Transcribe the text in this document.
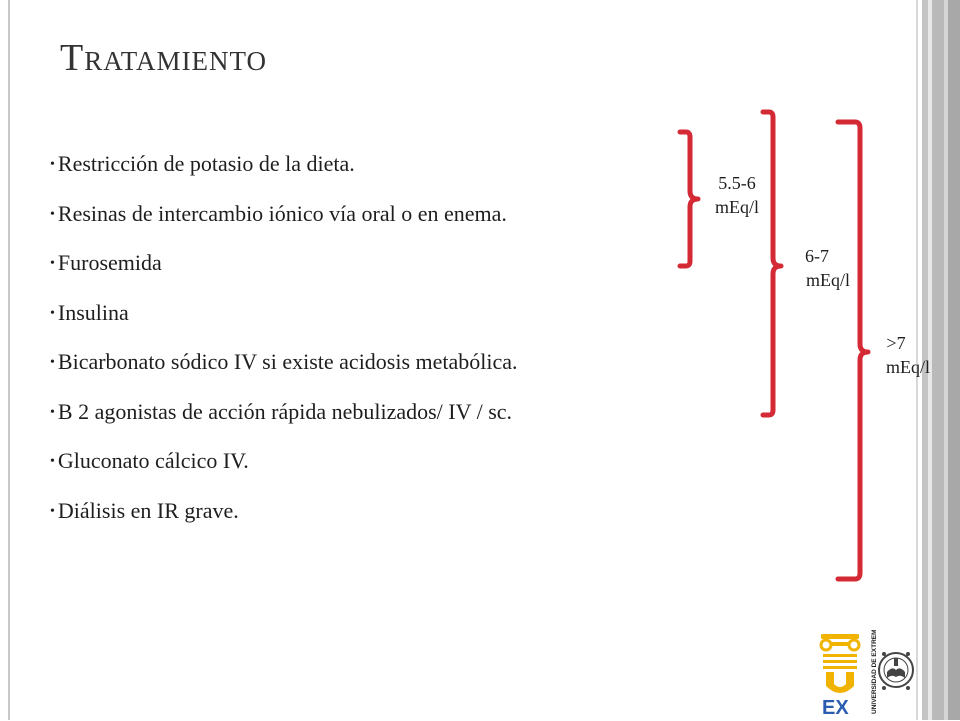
Tratamiento
• Restricción de potasio de la dieta.
• Resinas de intercambio iónico vía oral o en enema.
• Furosemida
• Insulina
• Bicarbonato sódico IV si existe acidosis metabólica.
• B 2 agonistas de acción rápida nebulizados/ IV / sc.
• Gluconato cálcico IV.
• Diálisis en IR grave.
5.5-6
mEq/l
6-7
mEq/l
>7
mEq/l
EX	UNIVERSIDAD DE EXTREMADURA
